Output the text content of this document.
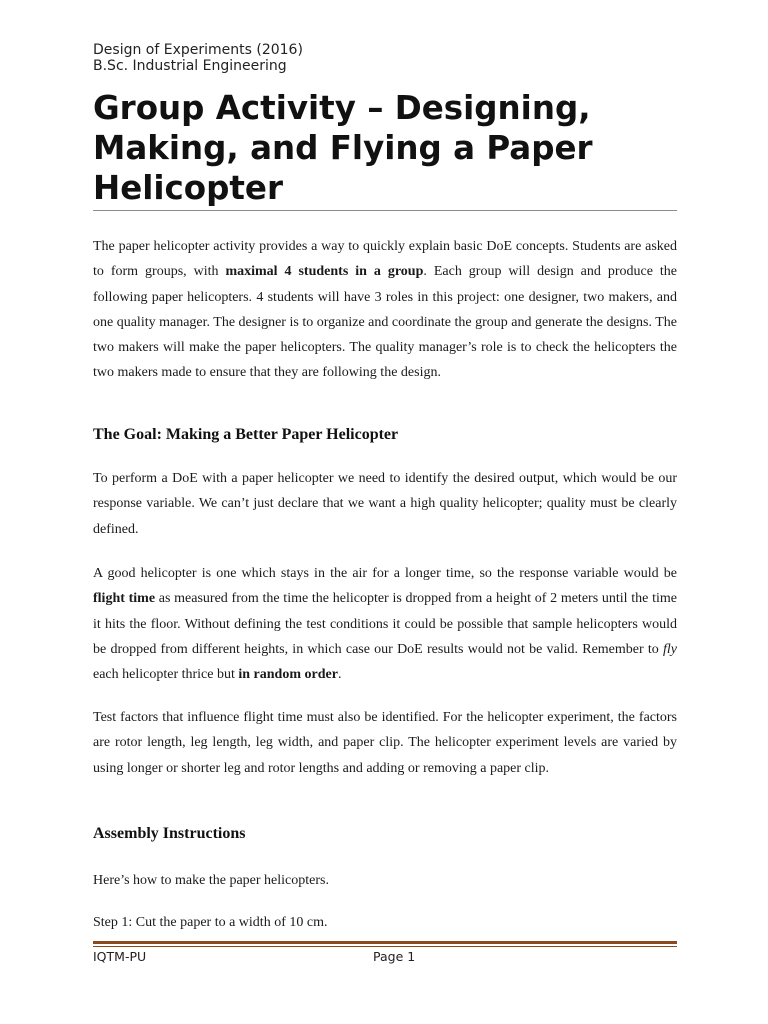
Design of Experiments (2016)
B.Sc. Industrial Engineering
Group Activity – Designing, Making, and Flying a Paper Helicopter

The paper helicopter activity provides a way to quickly explain basic DoE concepts. Students are asked to form groups, with maximal 4 students in a group. Each group will design and produce the following paper helicopters. 4 students will have 3 roles in this project: one designer, two makers, and one quality manager. The designer is to organize and coordinate the group and generate the designs. The two makers will make the paper helicopters. The quality manager’s role is to check the helicopters the two makers made to ensure that they are following the design.

The Goal: Making a Better Paper Helicopter

To perform a DoE with a paper helicopter we need to identify the desired output, which would be our response variable. We can’t just declare that we want a high quality helicopter; quality must be clearly defined.

A good helicopter is one which stays in the air for a longer time, so the response variable would be flight time as measured from the time the helicopter is dropped from a height of 2 meters until the time it hits the floor. Without defining the test conditions it could be possible that sample helicopters would be dropped from different heights, in which case our DoE results would not be valid. Remember to fly each helicopter thrice but in random order.

Test factors that influence flight time must also be identified. For the helicopter experiment, the factors are rotor length, leg length, leg width, and paper clip. The helicopter experiment levels are varied by using longer or shorter leg and rotor lengths and adding or removing a paper clip.

Assembly Instructions

Here’s how to make the paper helicopters.

Step 1: Cut the paper to a width of 10 cm.

IQTM-PU	Page 1
